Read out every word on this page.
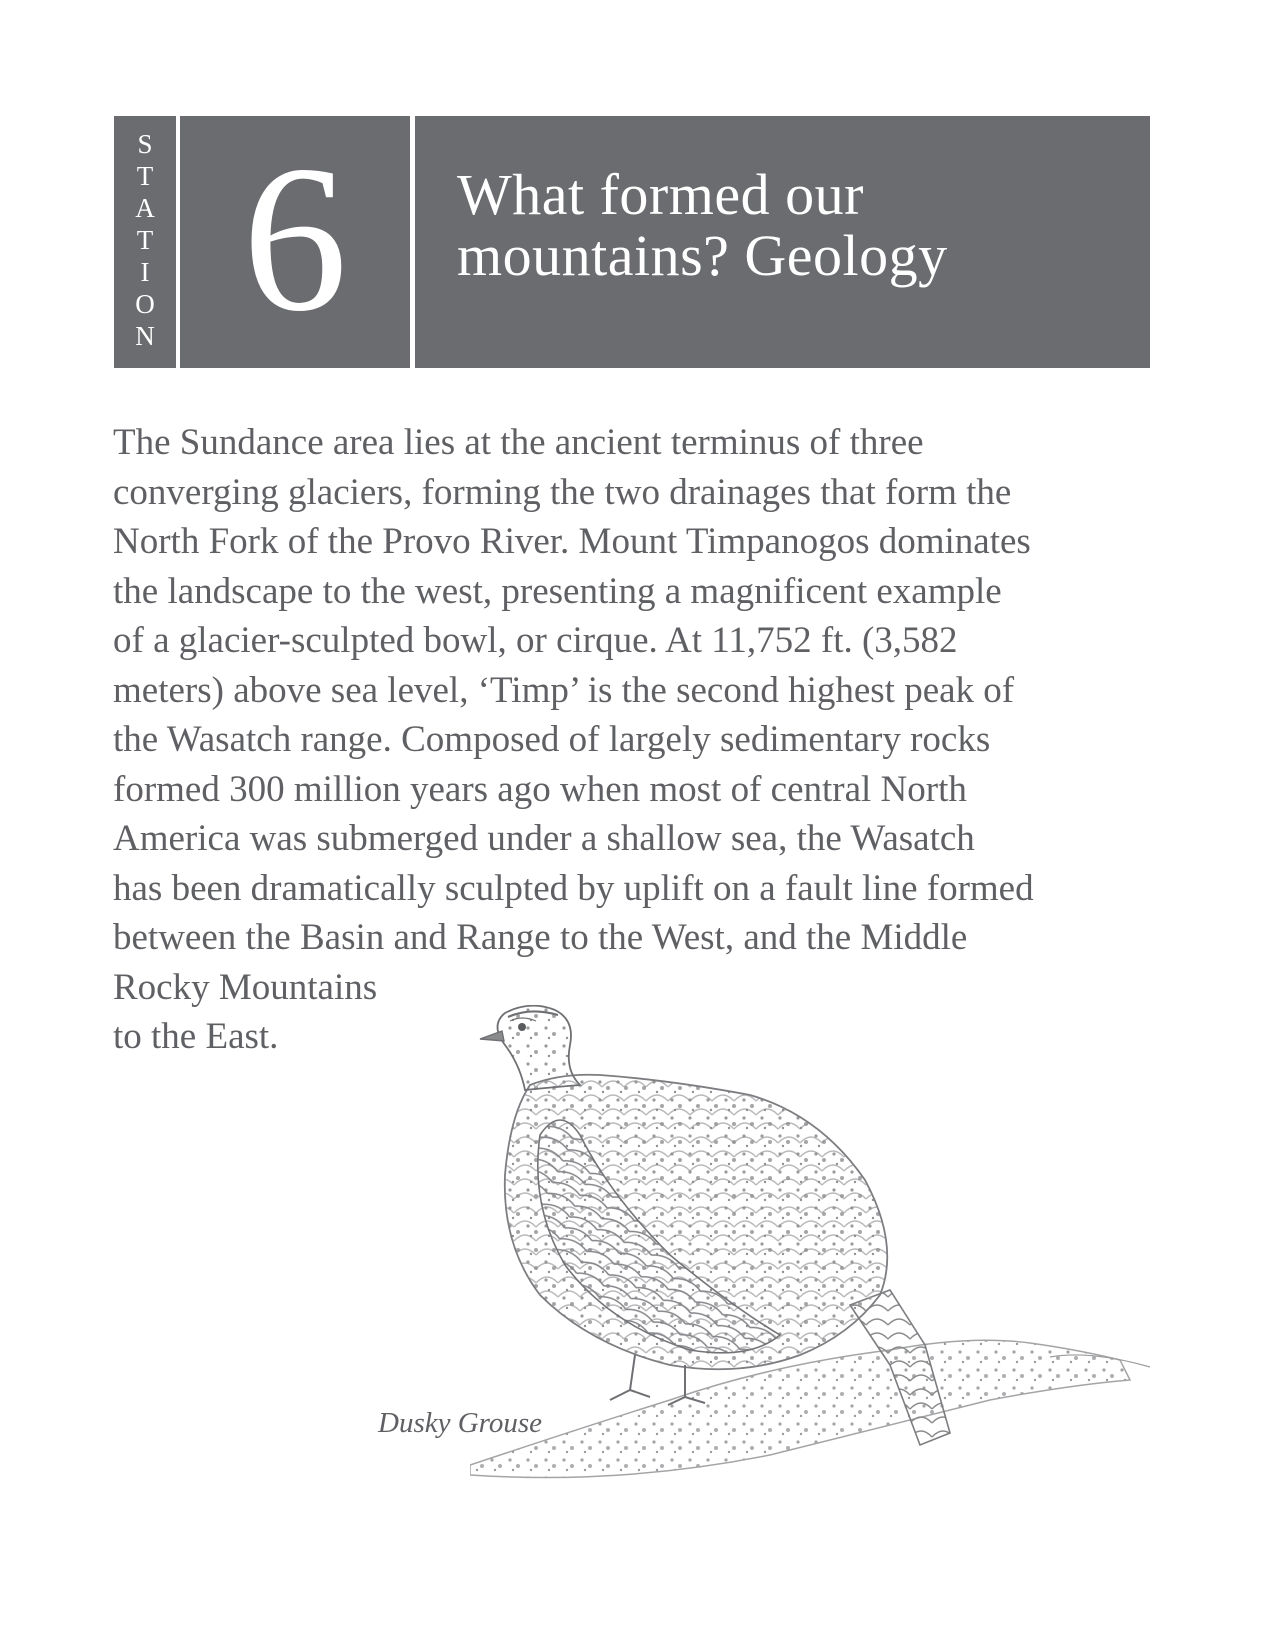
S
T
A
T
I
O
N 6	What formed our
mountains? Geology

The Sundance area lies at the ancient terminus of three
converging glaciers, forming the two drainages that form the
North Fork of the Provo River. Mount Timpanogos dominates
the landscape to the west, presenting a magnificent example
of a glacier-sculpted bowl, or cirque. At 11,752 ft. (3,582
meters) above sea level, ‘Timp’ is the second highest peak of
the Wasatch range. Composed of largely sedimentary rocks
formed 300 million years ago when most of central North
America was submerged under a shallow sea, the Wasatch
has been dramatically sculpted by uplift on a fault line formed
between the Basin and Range to the West, and the Middle
Rocky Mountains
to the East.

Dusky Grouse
